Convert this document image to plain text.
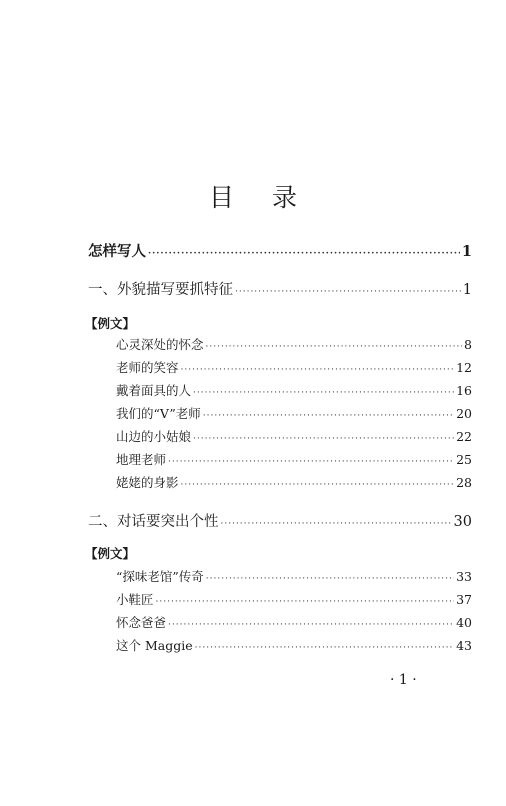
目 录
怎样写人 ·····	1
一、外貌描写要抓特征 ·····	1
【例文】
心灵深处的怀念 ·····	8
老师的笑容 ·····	12
戴着面具的人 ·····	16
我们的“V”老师 ·····	20
山边的小姑娘 ·····	22
地理老师 ·····	25
姥姥的身影 ·····	28
二、对话要突出个性 ·····	30
【例文】
“探味老馆”传奇 ·····	33
小鞋匠 ·····	37
怀念爸爸 ·····	40
这个 Maggie ·····	43
· 1 ·
